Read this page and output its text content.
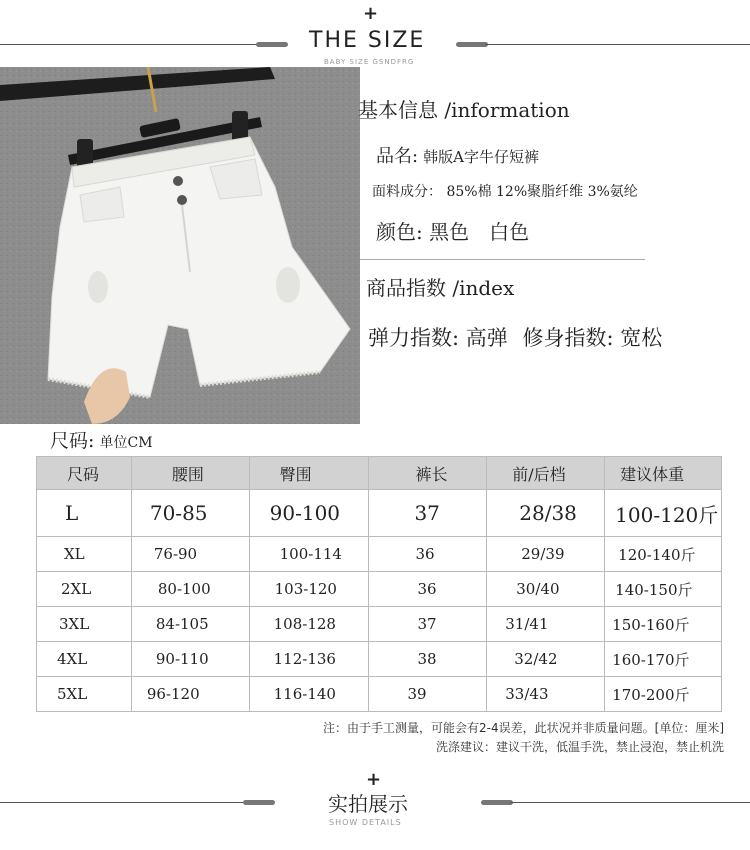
+
THE SIZE
BABY SIZE GSNDFRG
基本信息 /information
品名: 韩版A字牛仔短裤
面料成分： 85%棉 12%聚脂纤维 3%氨纶
颜色: 黑色　白色
商品指数 /index
弹力指数: 高弹 修身指数: 宽松
尺码: 单位CM
尺码	腰围	臀围	裤长	前/后档	建议体重
L	70-85	90-100	37	28/38	100-120斤
XL	76-90	100-114	36	29/39	120-140斤
2XL	80-100	103-120	36	30/40	140-150斤
3XL	84-105	108-128	37	31/41	150-160斤
4XL	90-110	112-136	38	32/42	160-170斤
5XL	96-120	116-140	39	33/43	170-200斤
注：由于手工测量，可能会有2-4误差，此状况并非质量问题。[单位：厘米]
洗涤建议：建议干洗，低温手洗，禁止浸泡，禁止机洗
+
实拍展示
SHOW DETAILS
